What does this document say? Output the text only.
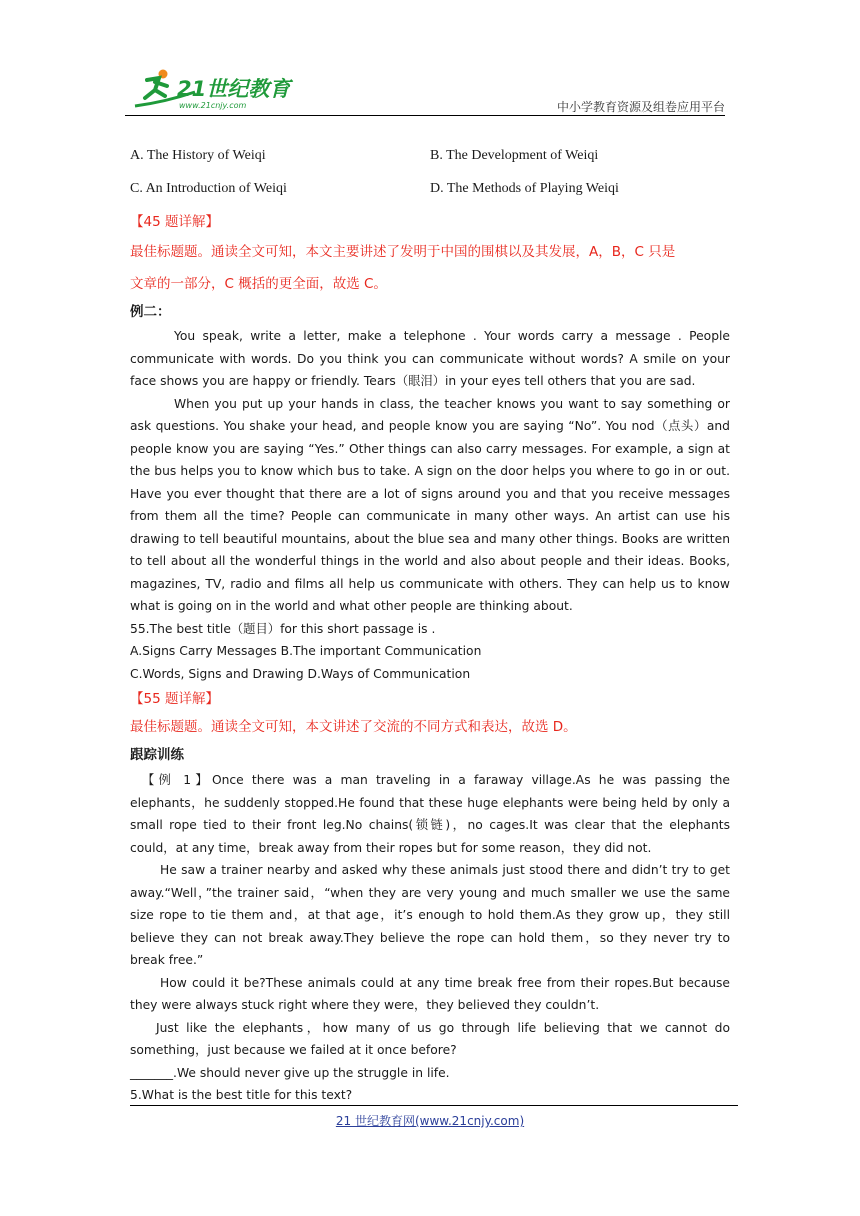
21世纪教育
www.21cnjy.com	中小学教育资源及组卷应用平台
A. The History of Weiqi	B. The Development of Weiqi
C. An Introduction of Weiqi	D. The Methods of Playing Weiqi

【45 题详解】

最佳标题题。通读全文可知，本文主要讲述了发明于中国的围棋以及其发展，A，B，C 只是

文章的一部分，C 概括的更全面，故选 C。

例二：

You speak, write a letter, make a telephone . Your words carry a message . People communicate with words. Do you think you can communicate without words? A smile on your face shows you are happy or friendly. Tears（眼泪）in your eyes tell others that you are sad.

When you put up your hands in class, the teacher knows you want to say something or ask questions. You shake your head, and people know you are saying “No”. You nod（点头）and people know you are saying “Yes.” Other things can also carry messages. For example, a sign at the bus helps you to know which bus to take. A sign on the door helps you where to go in or out. Have you ever thought that there are a lot of signs around you and that you receive messages from them all the time? People can communicate in many other ways. An artist can use his drawing to tell beautiful mountains, about the blue sea and many other things. Books are written to tell about all the wonderful things in the world and also about people and their ideas. Books, magazines, TV, radio and films all help us communicate with others. They can help us to know what is going on in the world and what other people are thinking about.

55.The best title（题目）for this short passage is .

A.Signs Carry Messages B.The important Communication

C.Words, Signs and Drawing D.Ways of Communication

【55 题详解】

最佳标题题。通读全文可知，本文讲述了交流的不同方式和表达，故选 D。

跟踪训练

【例 1】Once there was a man traveling in a faraway village.As he was passing the elephants，he suddenly stopped.He found that these huge elephants were being held by only a small rope tied to their front leg.No chains(锁链)，no cages.It was clear that the elephants could，at any time，break away from their ropes but for some reason，they did not.

He saw a trainer nearby and asked why these animals just stood there and didn’t try to get away.“Well，”the trainer said，“when they are very young and much smaller we use the same size rope to tie them and，at that age，it’s enough to hold them.As they grow up，they still believe they can not break away.They believe the rope can hold them，so they never try to break free.”

How could it be?These animals could at any time break free from their ropes.But because they were always stuck right where they were，they believed they couldn’t.

Just like the elephants，how many of us go through life believing that we cannot do something，just because we failed at it once before?

_______.We should never give up the struggle in life.

5.What is the best title for this text?

21 世纪教育网(www.21cnjy.com)
